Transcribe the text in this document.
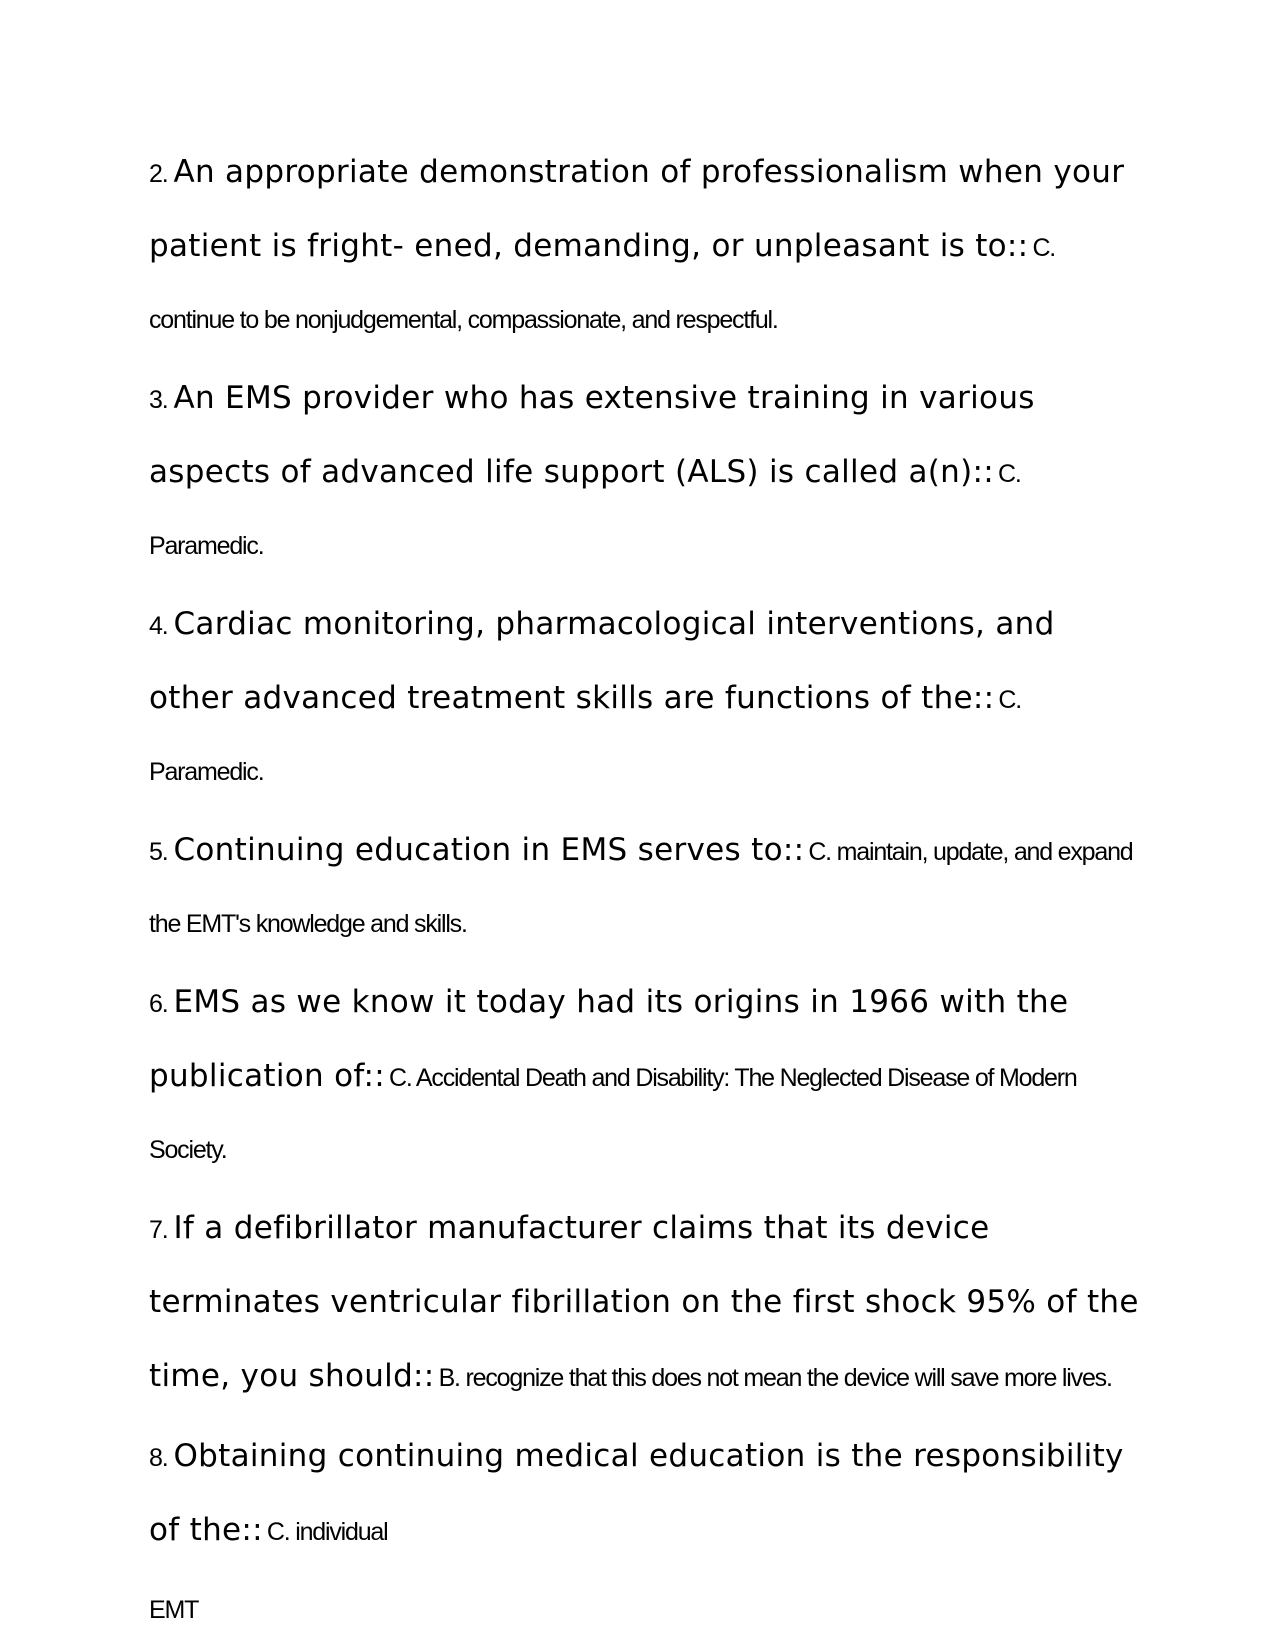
2. An appropriate demonstration of professionalism when your patient is fright- ened, demanding, or unpleasant is to:: C. continue to be nonjudgemental, compassionate, and respectful.
3. An EMS provider who has extensive training in various aspects of advanced life support (ALS) is called a(n):: C. Paramedic.
4. Cardiac monitoring, pharmacological interventions, and other advanced treatment skills are functions of the:: C. Paramedic.
5. Continuing education in EMS serves to:: C. maintain, update, and expand the EMT's knowledge and skills.
6. EMS as we know it today had its origins in 1966 with the publication of:: C. Accidental Death and Disability: The Neglected Disease of Modern Society.
7. If a defibrillator manufacturer claims that its device terminates ventricular fibrillation on the first shock 95% of the time, you should:: B. recognize that this does not mean the device will save more lives.
8. Obtaining continuing medical education is the responsibility of the:: C. individual
EMT
